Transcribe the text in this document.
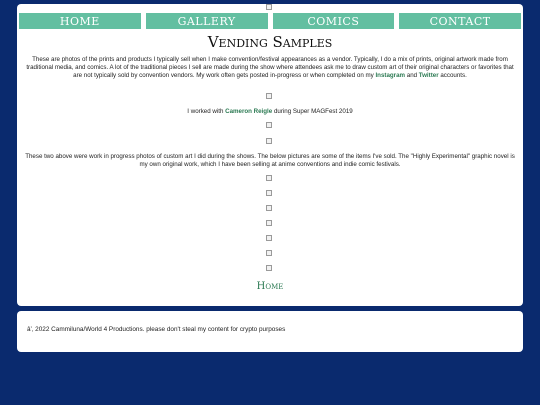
HOME	GALLERY	COMICS	CONTACT
Vending Samples
These are photos of the prints and products I typically sell when I make convention/festival appearances as a vendor. Typically, I do a mix of prints, original artwork made from traditional media, and comics. A lot of the traditional pieces I sell are made during the show where attendees ask me to draw custom art of their original characters or favorites that are not typically sold by convention vendors. My work often gets posted in-progress or when completed on my Instagram and Twitter accounts.
I worked with Cameron Reigle during Super MAGFest 2019
These two above were work in progress photos of custom art I did during the shows. The below pictures are some of the items I've sold. The "Highly Experimental" graphic novel is my own original work, which I have been selling at anime conventions and indie comic festivals.
Home
â’‚ 2022 Cammiluna/World 4 Productions. please don't steal my content for crypto purposes
